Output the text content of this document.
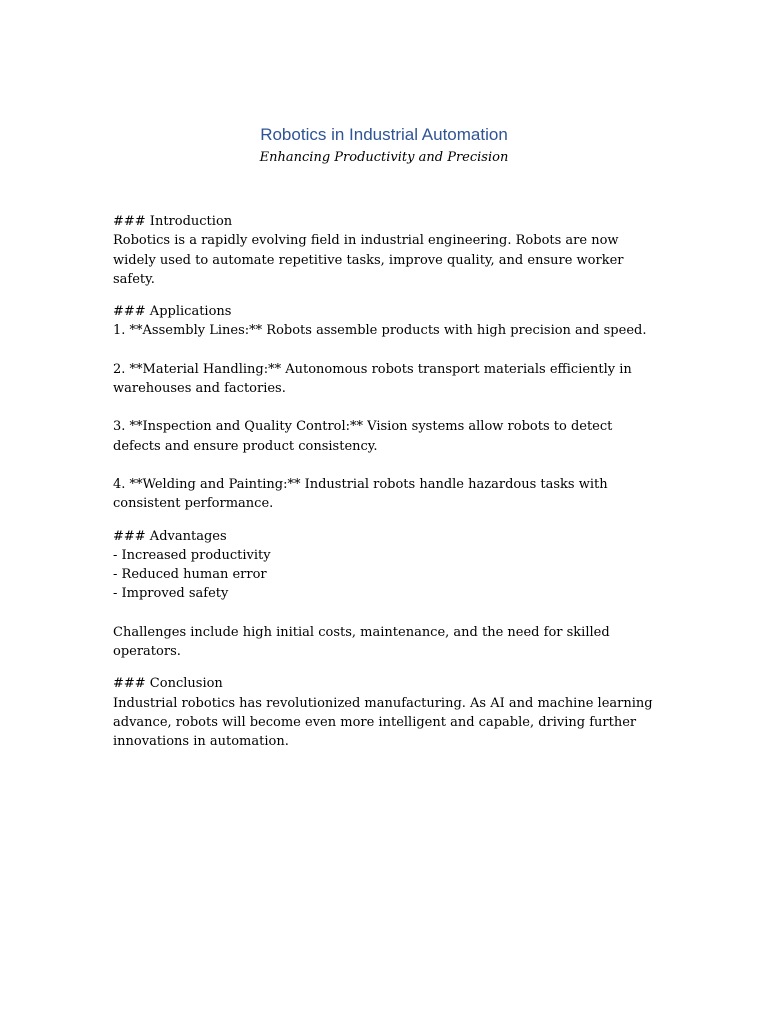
Robotics in Industrial Automation

Enhancing Productivity and Precision

### Introduction

Robotics is a rapidly evolving field in industrial engineering. Robots are now widely used to automate repetitive tasks, improve quality, and ensure worker safety.

### Applications

1. **Assembly Lines:** Robots assemble products with high precision and speed.

2. **Material Handling:** Autonomous robots transport materials efficiently in warehouses and factories.

3. **Inspection and Quality Control:** Vision systems allow robots to detect defects and ensure product consistency.

4. **Welding and Painting:** Industrial robots handle hazardous tasks with consistent performance.

### Advantages
- Increased productivity
- Reduced human error
- Improved safety

Challenges include high initial costs, maintenance, and the need for skilled operators.

### Conclusion

Industrial robotics has revolutionized manufacturing. As AI and machine learning advance, robots will become even more intelligent and capable, driving further innovations in automation.
